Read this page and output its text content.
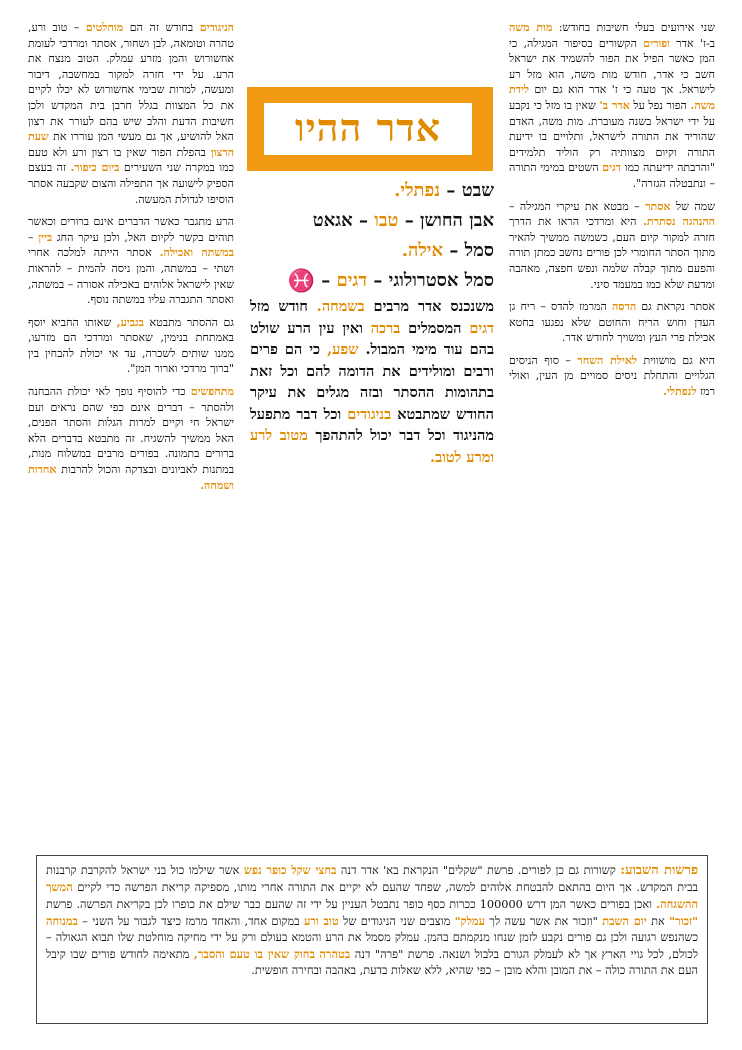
שני אירועים בעלי חשיבות בחודש: מות משה ב-ז' אדר ופורים הקשורים בסיפור המגילה, כי המן כאשר הפיל את הפור להשמיד את ישראל חשב כי אדר, חודש מות משה, הוא מזל רע לישראל. אך טעה כי ז' אדר הוא גם יום לידת משה. הפור נפל על אדר ב' שאין בו מזל כי נקבע על ידי ישראל בשנה מעוברת. מות משה, האדם שהוריד את התורה לישראל, ותלויים בו ידיעת התורה וקיום מצוותיה רק הוליד תלמידים "והרבתה ידיעתה כמו דגים השטים במימי התורה – ונתבטלה הגזרה".

שמה של אסתר – מבטא את עיקרי המגילה – ההנהגה נסתרת. היא ומרדכי הראו את הדרך חזרה למקור קיום העם, כשמשה ממשיך להאיר מתוך הסתר החומרי לכן פורים נחשב כמתן תורה והפעם מתוך קבלה שלמה ונפש חפצה, מאהבה ומדעת שלא כמו במעמד סיני.

אסתר נקראת גם הדסה המרמז להדס – ריח גן העדן וחוש הריח והחוטם שלא נפגעו בחטא אכילת פרי העץ ומשויך לחודש אדר.

היא גם מושווית לאילת השחר – סוף הניסים הגלויים והתחלת ניסים סמויים מן העין, ואולי רמז לנפתלי.

אדר ההיו
שבט – נפתלי.
אבן החושן – טבו – אגאט
סמל – אילה.
סמל אסטרולוגי – דגים – ♓
משנכנס אדר מרבים בשמחה. חודש מזל דגים המסמלים ברכה ואין עין הרע שולט בהם עוד מימי המבול. שפע, כי הם פרים ורבים ומולידים את הדומה להם וכל זאת בתהומות ההסתר ובזה מגלים את עיקר החודש שמתבטא בניגודים וכל דבר מתפעל מהניגוד וכל דבר יכול להתהפך מטוב לרע ומרע לטוב.

הניגודים בחודש זה הם מוחלטים – טוב ורע, טהרה וטומאה, לבן ושחור, אסתר ומרדכי לעומת אחשורוש והמן מזרע עמלק. הטוב מנצח את הרע. על ידי חזרה למקור במחשבה, דיבור ומעשה, למרות שבימי אחשורוש לא יכלו לקיים את כל המצוות בגלל חרבן בית המקדש ולכן חשיבות הדעת והלב שיש בהם לעורר את רצון האל להושיע, אך גם מעשי המן עוררו את שעת הרצון בהפלת הפור שאין בו רצון ורע ולא טעם כמו במקרה שני השעירים ביום כיפור. זה בעצם הספיק לישועה אך התפילה והצום שקבעה אסתר הוסיפו לגדולת המעשה.

הרע מתגבר כאשר הדברים אינם ברורים וכאשר תוהים בקשר לקיום האל, ולכן עיקר החג ביין – במשתה ואכילה. אסתר הייתה למלכה אחרי ושתי – במשתה, והמן ניסה להמית – להראות שאין לישראל אלוהים באכילה אסורה – במשתה, ואסתר התגברה עליו במשתה נוסף.

גם ההסתר מתבטא בגביע, שאותו החביא יוסף באמתחת בנימין, שאסתר ומרדכי הם מזרעו, ממנו שותים לשכרה, עד אי יכולת להבחין בין "ברוך מרדכי וארור המן".

מתחפשים כדי להוסיף נופך לאי יכולת ההבחנה ולהסתר – דברים אינם כפי שהם נראים ועם ישראל חי וקיים למרות הגלות והסתר הפנים, האל ממשיך להשגיח. זה מתבטא בדברים הלא ברורים בתמונה. בפורים מרבים במשלוח מנות, במתנות לאביונים ובצדקה והכול להרבות אחדות ושמחה.

פרשות השבוע: קשורות גם כן לפורים. פרשת "שקלים" הנקראת בא' אדר דנה בחצי שקל כופר נפש אשר שילמו כול בני ישראל להקרבת קרבנות בבית המקדש. אך היום בהתאם להבטחת אלוהים למשה, שפחד שהעם לא יקיים את התורה אחרי מותו, מספיקה קריאת הפרשה כדי לקיים המשך ההשגחה. ואכן בפורים כאשר המן דרש 100000 ככרות כסף כופר נתבטל העניין על ידי זה שהעם כבר שילם את כופרו לכן בקריאת הפרשה. פרשת "זכור" את יום השבת "וזכור את אשר עשה לך עמלק" מוצבים שני הניגודים של טוב ורע במקום אחד, והאחד מרמז כיצד לגבור על השני – במנוחה כשהנפש רגועה ולכן גם פורים נקבע לזמן שנחו מנקמתם בהמן. עמלק מסמל את הרע והטמא בעולם ורק על ידי מחיקה מוחלטת שלו תבוא הגאולה – לכולם, לכל גויי הארץ אך לא לעמלק הגורם בלבול ושנאה. פרשת "פרה" דנה בטהרה בחוק שאין בו טעם והסבר, מתאימה לחודש פורים שבו קיבל העם את התורה כולה – את המובן והלא מובן – כפי שהיא, ללא שאלות בדעת, באהבה ובחירה חופשית.
